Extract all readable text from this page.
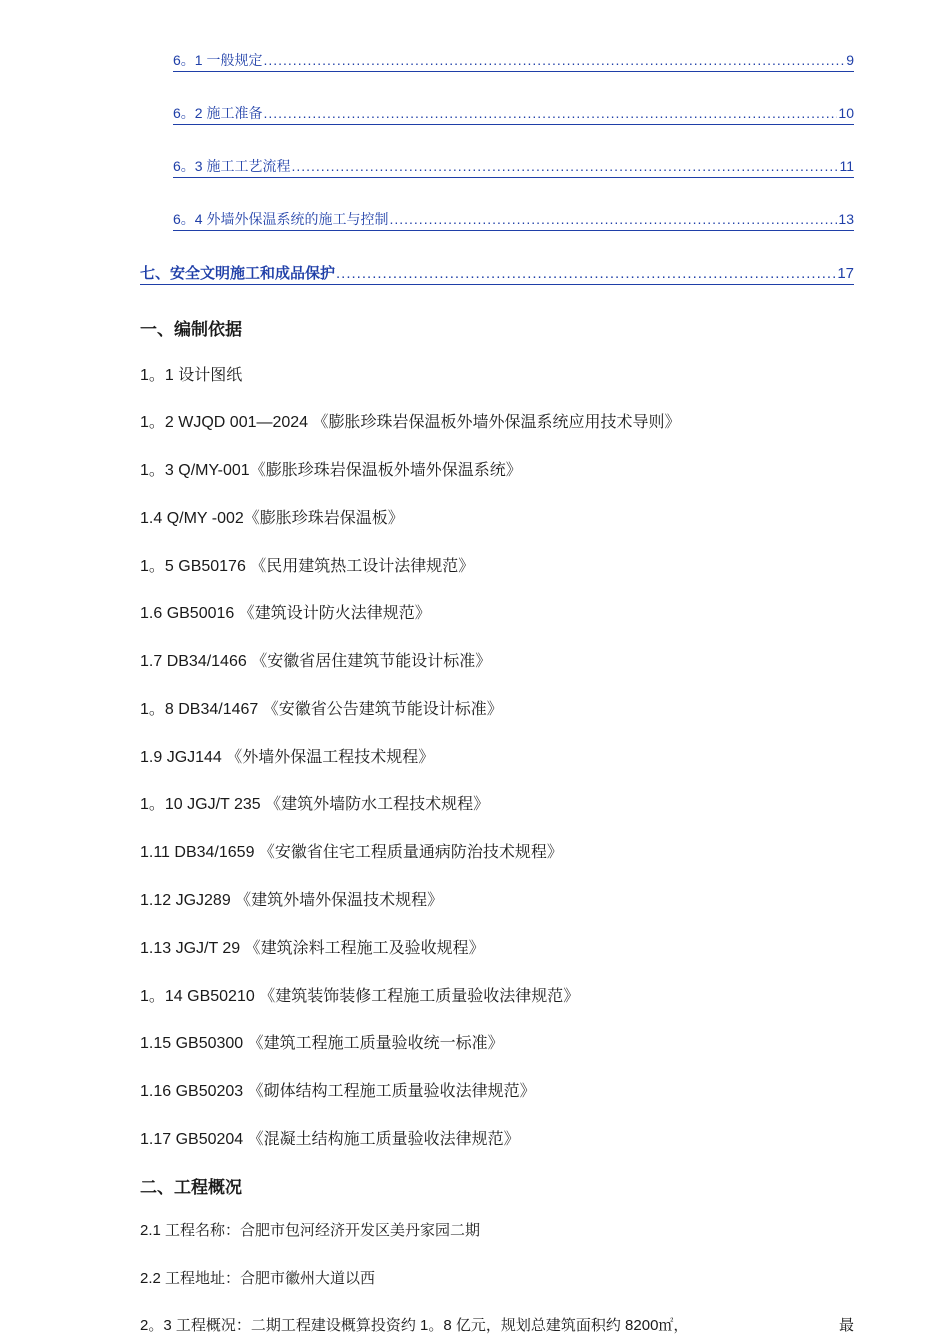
6。1 一般规定 .....	9
6。2 施工准备 .....	10
6。3 施工工艺流程 .....	11
6。4 外墙外保温系统的施工与控制 .....	13
七、安全文明施工和成品保护 .....	17
一、编制依据
1。1 设计图纸
1。2 WJQD 001—2024 《膨胀珍珠岩保温板外墙外保温系统应用技术导则》
1。3 Q/MY-001《膨胀珍珠岩保温板外墙外保温系统》
1.4 Q/MY -002《膨胀珍珠岩保温板》
1。5 GB50176 《民用建筑热工设计法律规范》
1.6 GB50016 《建筑设计防火法律规范》
1.7 DB34/1466 《安徽省居住建筑节能设计标准》
1。8 DB34/1467 《安徽省公告建筑节能设计标准》
1.9 JGJ144 《外墙外保温工程技术规程》
1。10 JGJ/T 235 《建筑外墙防水工程技术规程》
1.11 DB34/1659 《安徽省住宅工程质量通病防治技术规程》
1.12 JGJ289 《建筑外墙外保温技术规程》
1.13 JGJ/T 29 《建筑涂料工程施工及验收规程》
1。14 GB50210 《建筑装饰装修工程施工质量验收法律规范》
1.15 GB50300 《建筑工程施工质量验收统一标准》
1.16 GB50203 《砌体结构工程施工质量验收法律规范》
1.17 GB50204 《混凝土结构施工质量验收法律规范》
二、工程概况
2.1 工程名称：合肥市包河经济开发区美丹家园二期
2.2 工程地址：合肥市徽州大道以西
2。3 工程概况：二期工程建设概算投资约 1。8 亿元，规划总建筑面积约 8200㎡，	最
